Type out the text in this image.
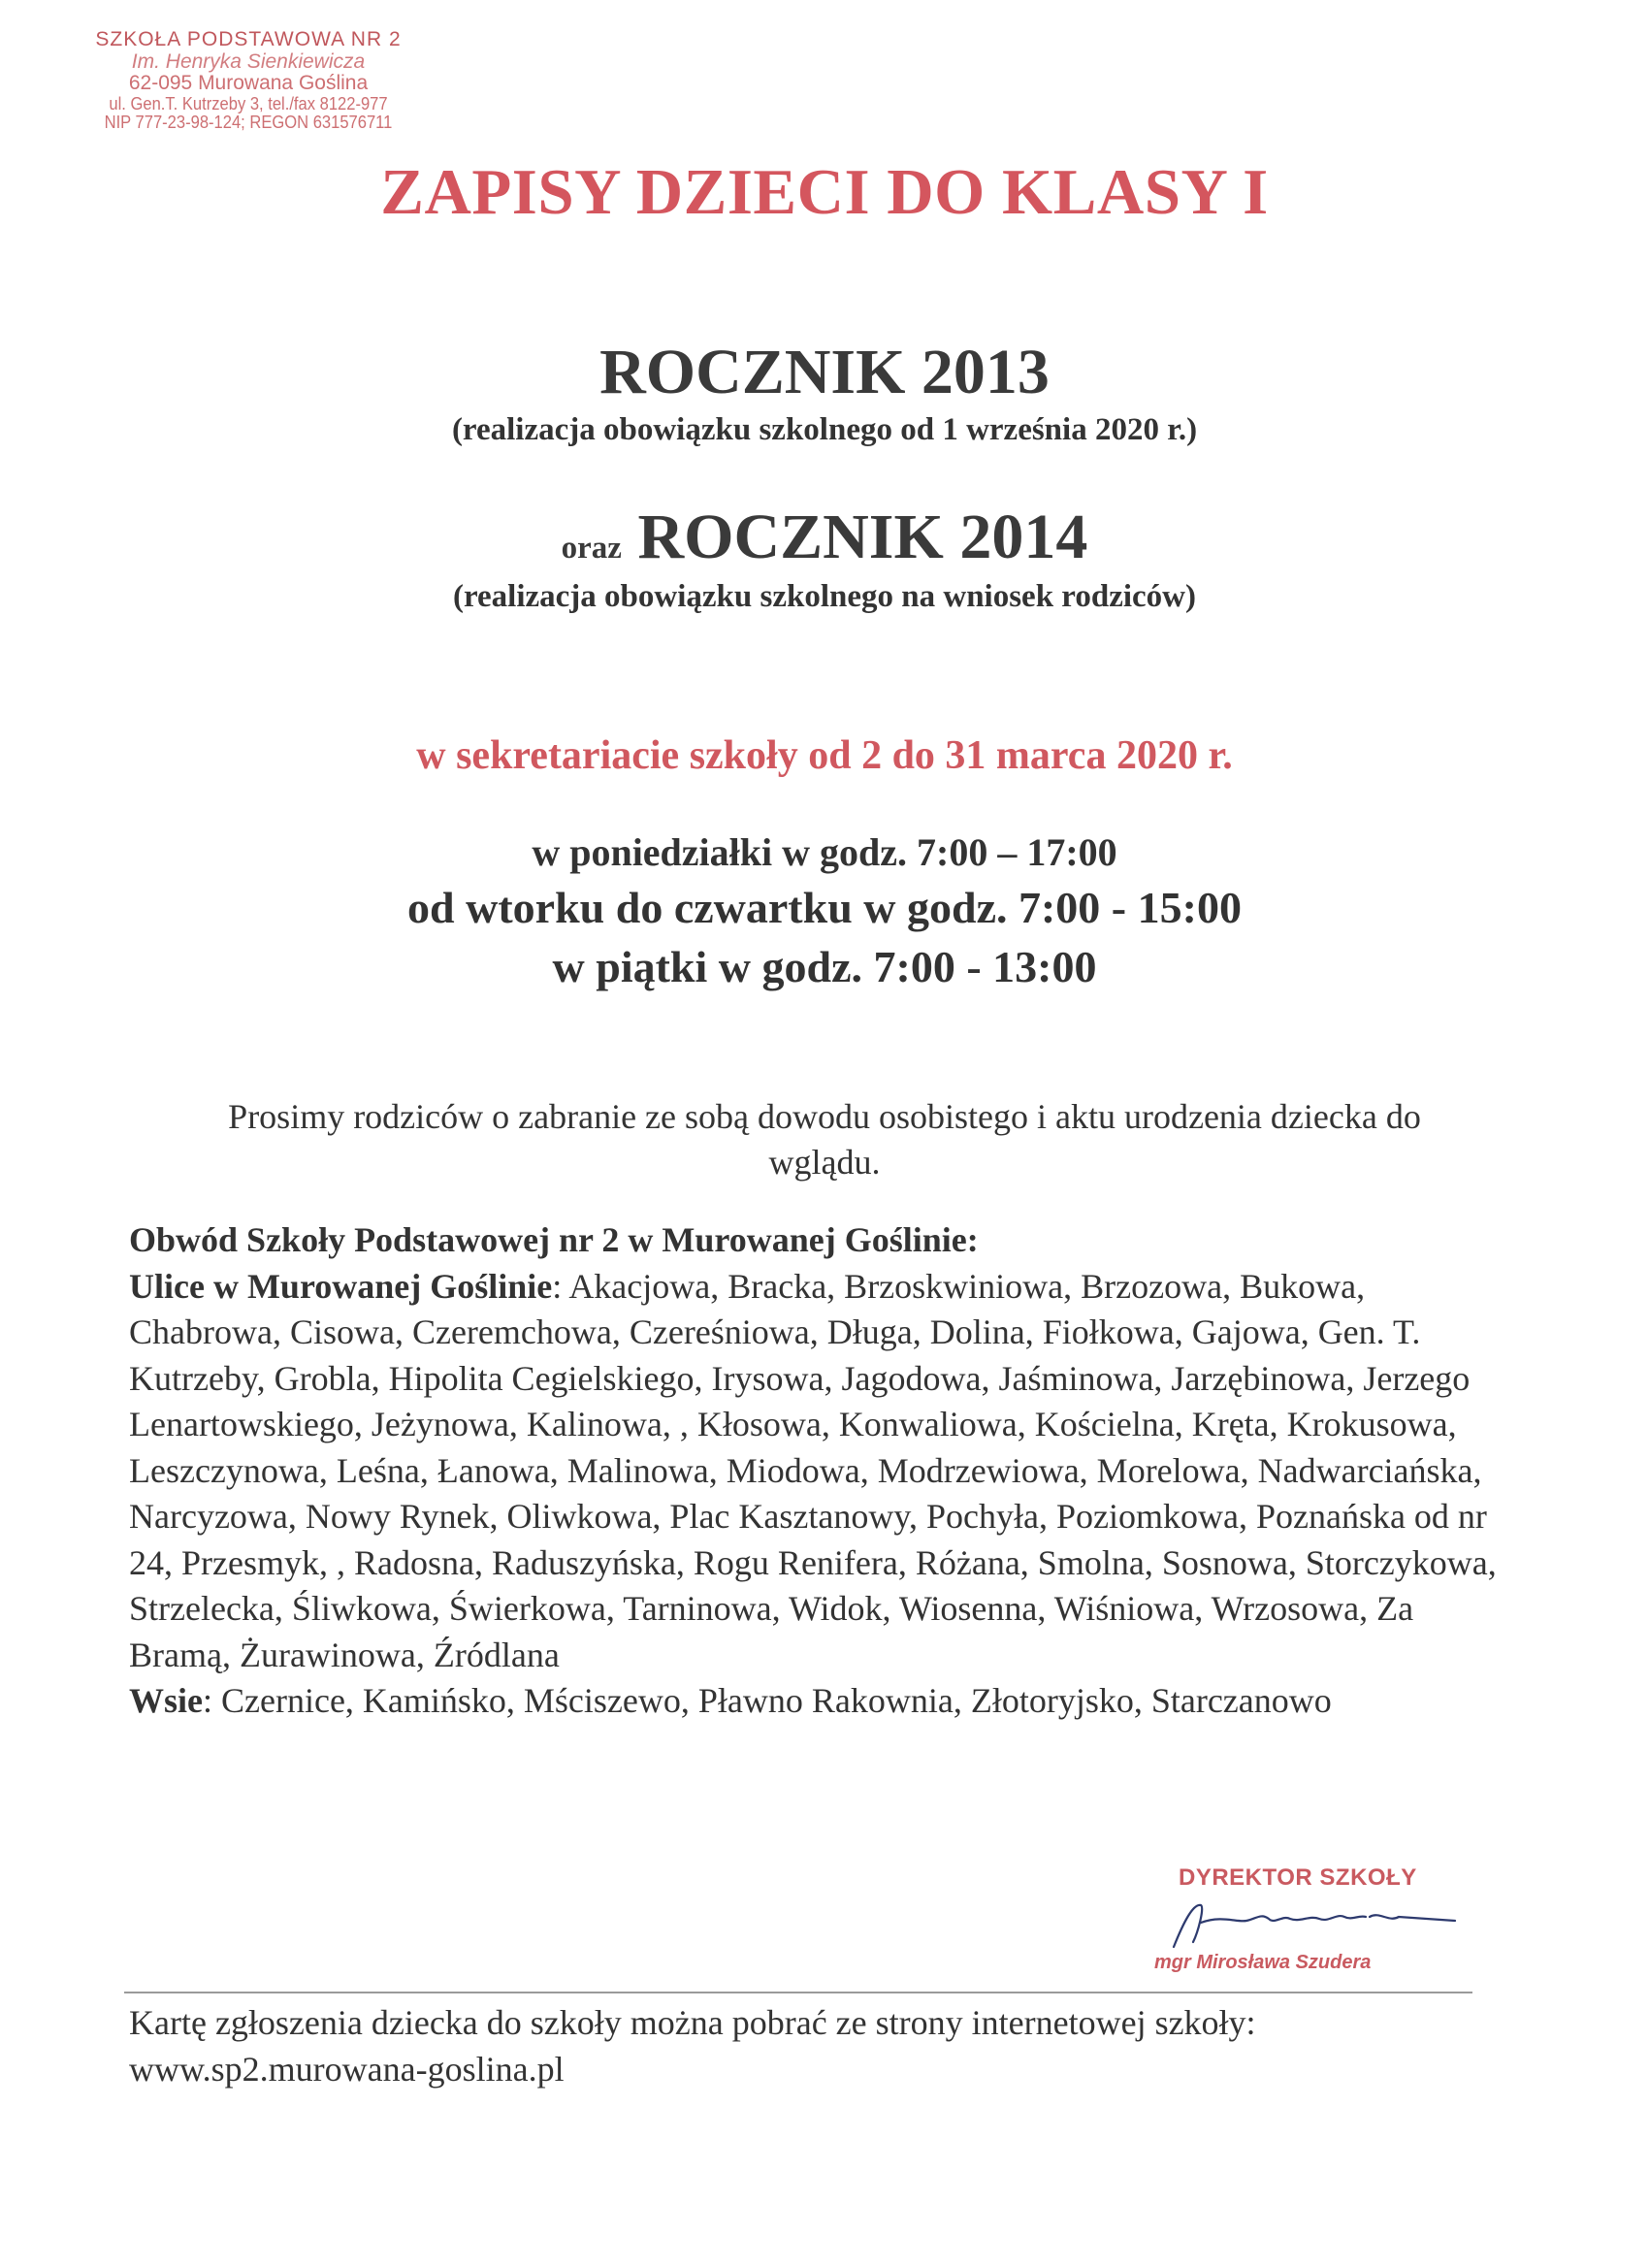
SZKOŁA PODSTAWOWA NR 2
Im. Henryka Sienkiewicza
62-095 Murowana Goślina
ul. Gen.T. Kutrzeby 3, tel./fax 8122-977
NIP 777-23-98-124; REGON 631576711
ZAPISY DZIECI DO KLASY I
ROCZNIK 2013
(realizacja obowiązku szkolnego od 1 września 2020 r.)
oraz ROCZNIK 2014
(realizacja obowiązku szkolnego na wniosek rodziców)
w sekretariacie szkoły od 2 do 31 marca 2020 r.
w poniedziałki w godz. 7:00 – 17:00
od wtorku do czwartku w godz. 7:00 - 15:00
w piątki w godz. 7:00 - 13:00
Prosimy rodziców o zabranie ze sobą dowodu osobistego i aktu urodzenia dziecka do wglądu.

Obwód Szkoły Podstawowej nr 2 w Murowanej Goślinie:

Ulice w Murowanej Goślinie: Akacjowa, Bracka, Brzoskwiniowa, Brzozowa, Bukowa, Chabrowa, Cisowa, Czeremchowa, Czereśniowa, Długa, Dolina, Fiołkowa, Gajowa, Gen. T. Kutrzeby, Grobla, Hipolita Cegielskiego, Irysowa, Jagodowa, Jaśminowa, Jarzębinowa, Jerzego Lenartowskiego, Jeżynowa, Kalinowa, , Kłosowa, Konwaliowa, Kościelna, Kręta, Krokusowa, Leszczynowa, Leśna, Łanowa, Malinowa, Miodowa, Modrzewiowa, Morelowa, Nadwarciańska, Narcyzowa, Nowy Rynek, Oliwkowa, Plac Kasztanowy, Pochyła, Poziomkowa, Poznańska od nr 24, Przesmyk, , Radosna, Raduszyńska, Rogu Renifera, Różana, Smolna, Sosnowa, Storczykowa, Strzelecka, Śliwkowa, Świerkowa, Tarninowa, Widok, Wiosenna, Wiśniowa, Wrzosowa, Za Bramą, Żurawinowa, Źródlana

Wsie: Czernice, Kamińsko, Mściszewo, Pławno Rakownia, Złotoryjsko, Starczanowo

DYREKTOR SZKOŁY
mgr Mirosława Szudera
Kartę zgłoszenia dziecka do szkoły można pobrać ze strony internetowej szkoły: www.sp2.murowana-goslina.pl
